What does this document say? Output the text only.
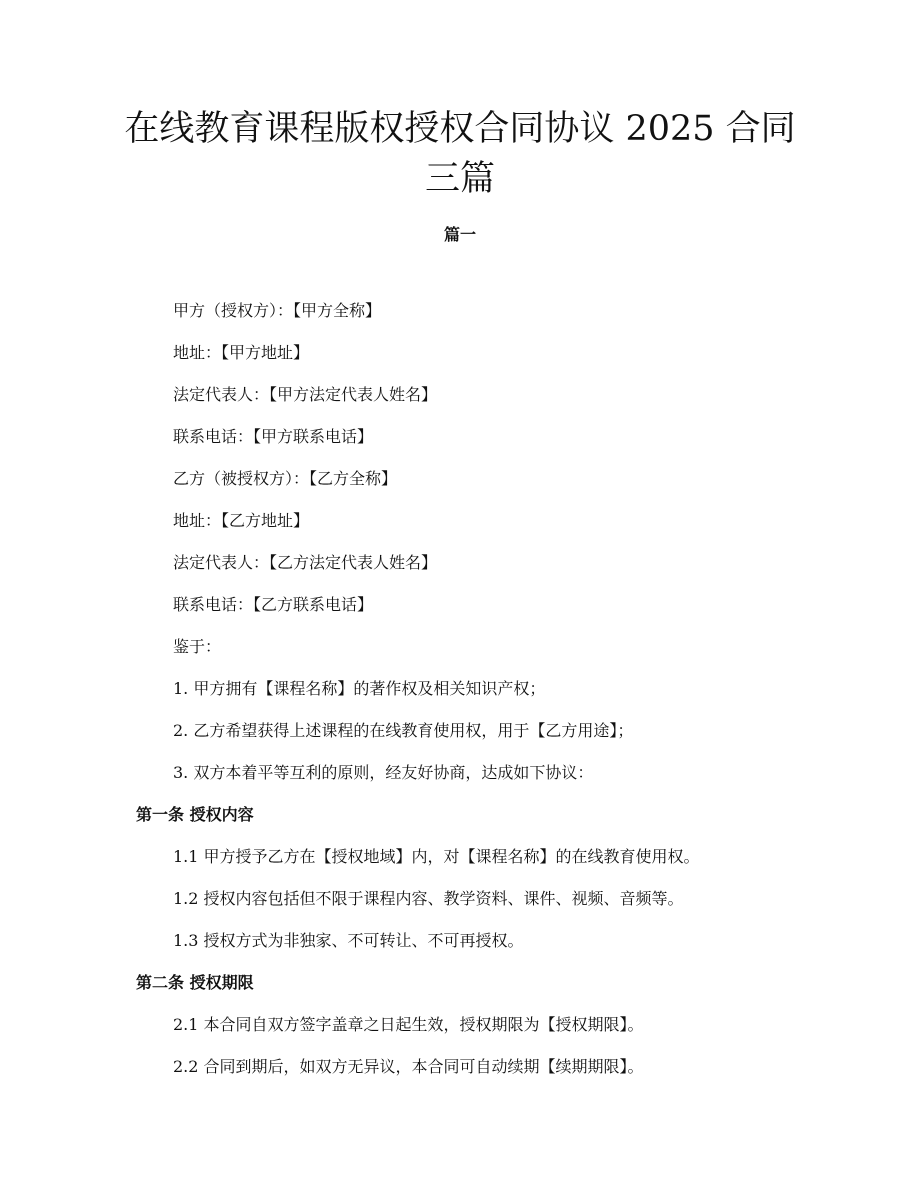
在线教育课程版权授权合同协议 2025 合同三篇
篇一

甲方（授权方）：【甲方全称】

地址：【甲方地址】

法定代表人：【甲方法定代表人姓名】

联系电话：【甲方联系电话】

乙方（被授权方）：【乙方全称】

地址：【乙方地址】

法定代表人：【乙方法定代表人姓名】

联系电话：【乙方联系电话】

鉴于：

1. 甲方拥有【课程名称】的著作权及相关知识产权；

2. 乙方希望获得上述课程的在线教育使用权，用于【乙方用途】；

3. 双方本着平等互利的原则，经友好协商，达成如下协议：

第一条 授权内容

1.1 甲方授予乙方在【授权地域】内，对【课程名称】的在线教育使用权。

1.2 授权内容包括但不限于课程内容、教学资料、课件、视频、音频等。

1.3 授权方式为非独家、不可转让、不可再授权。

第二条 授权期限

2.1 本合同自双方签字盖章之日起生效，授权期限为【授权期限】。

2.2 合同到期后，如双方无异议，本合同可自动续期【续期期限】。
